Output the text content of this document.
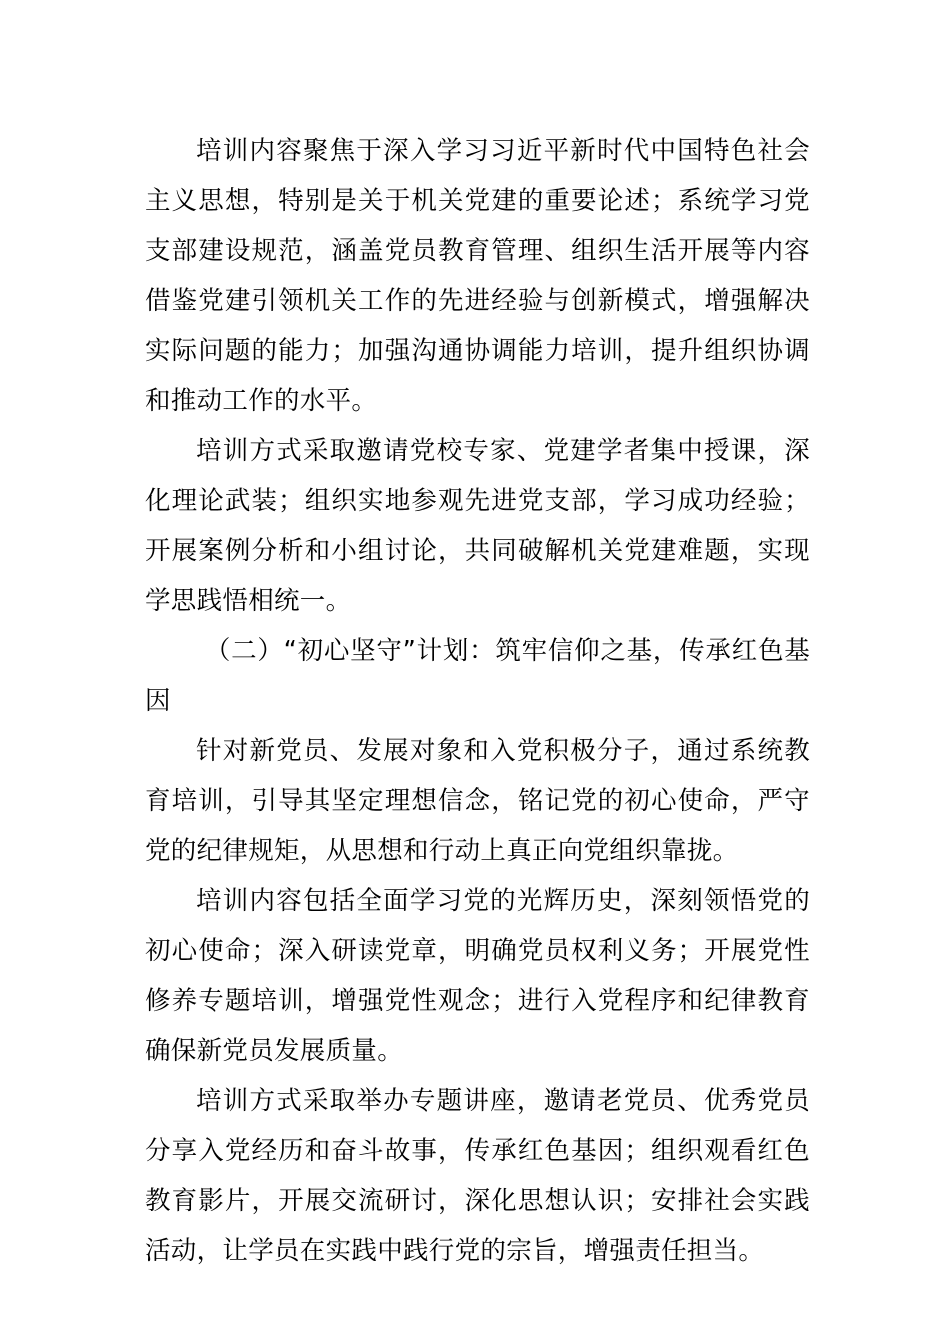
培训内容聚焦于深入学习习近平新时代中国特色社会主义思想，特别是关于机关党建的重要论述；系统学习党支部建设规范，涵盖党员教育管理、组织生活开展等内容借鉴党建引领机关工作的先进经验与创新模式，增强解决实际问题的能力；加强沟通协调能力培训，提升组织协调和推动工作的水平。

培训方式采取邀请党校专家、党建学者集中授课，深化理论武装；组织实地参观先进党支部，学习成功经验；开展案例分析和小组讨论，共同破解机关党建难题，实现学思践悟相统一。

（二）“初心坚守”计划：筑牢信仰之基，传承红色基因

针对新党员、发展对象和入党积极分子，通过系统教育培训，引导其坚定理想信念，铭记党的初心使命，严守党的纪律规矩，从思想和行动上真正向党组织靠拢。

培训内容包括全面学习党的光辉历史，深刻领悟党的初心使命；深入研读党章，明确党员权利义务；开展党性修养专题培训，增强党性观念；进行入党程序和纪律教育确保新党员发展质量。

培训方式采取举办专题讲座，邀请老党员、优秀党员分享入党经历和奋斗故事，传承红色基因；组织观看红色教育影片，开展交流研讨，深化思想认识；安排社会实践活动，让学员在实践中践行党的宗旨，增强责任担当。
